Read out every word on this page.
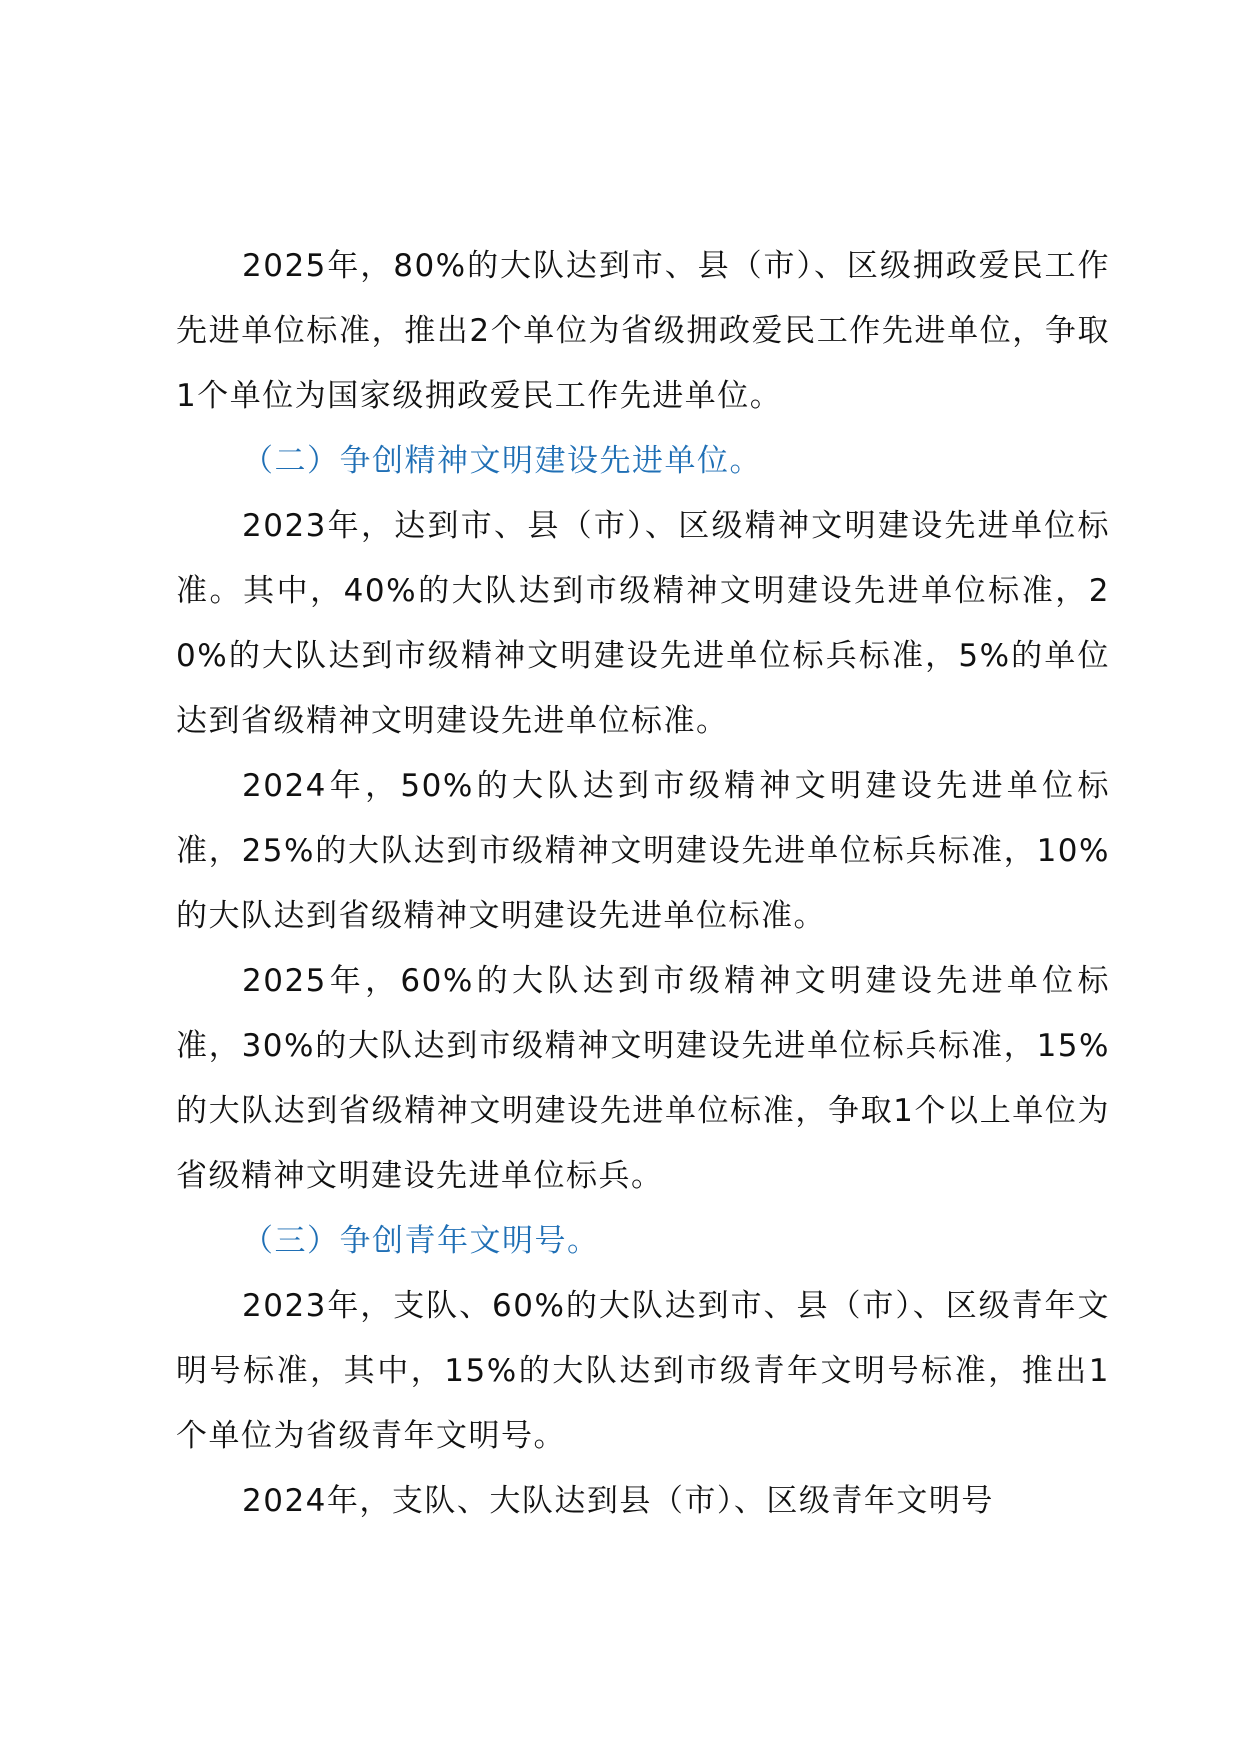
2025年，80%的大队达到市、县（市）、区级拥政爱民工作先进单位标准，推出2个单位为省级拥政爱民工作先进单位，争取1个单位为国家级拥政爱民工作先进单位。

（二）争创精神文明建设先进单位。

2023年，达到市、县（市）、区级精神文明建设先进单位标准。其中，40%的大队达到市级精神文明建设先进单位标准，20%的大队达到市级精神文明建设先进单位标兵标准，5%的单位达到省级精神文明建设先进单位标准。

2024年，50%的大队达到市级精神文明建设先进单位标准，25%的大队达到市级精神文明建设先进单位标兵标准，10%的大队达到省级精神文明建设先进单位标准。

2025年，60%的大队达到市级精神文明建设先进单位标准，30%的大队达到市级精神文明建设先进单位标兵标准，15%的大队达到省级精神文明建设先进单位标准，争取1个以上单位为省级精神文明建设先进单位标兵。

（三）争创青年文明号。

2023年，支队、60%的大队达到市、县（市）、区级青年文明号标准，其中，15%的大队达到市级青年文明号标准，推出1个单位为省级青年文明号。

2024年，支队、大队达到县（市）、区级青年文明号
